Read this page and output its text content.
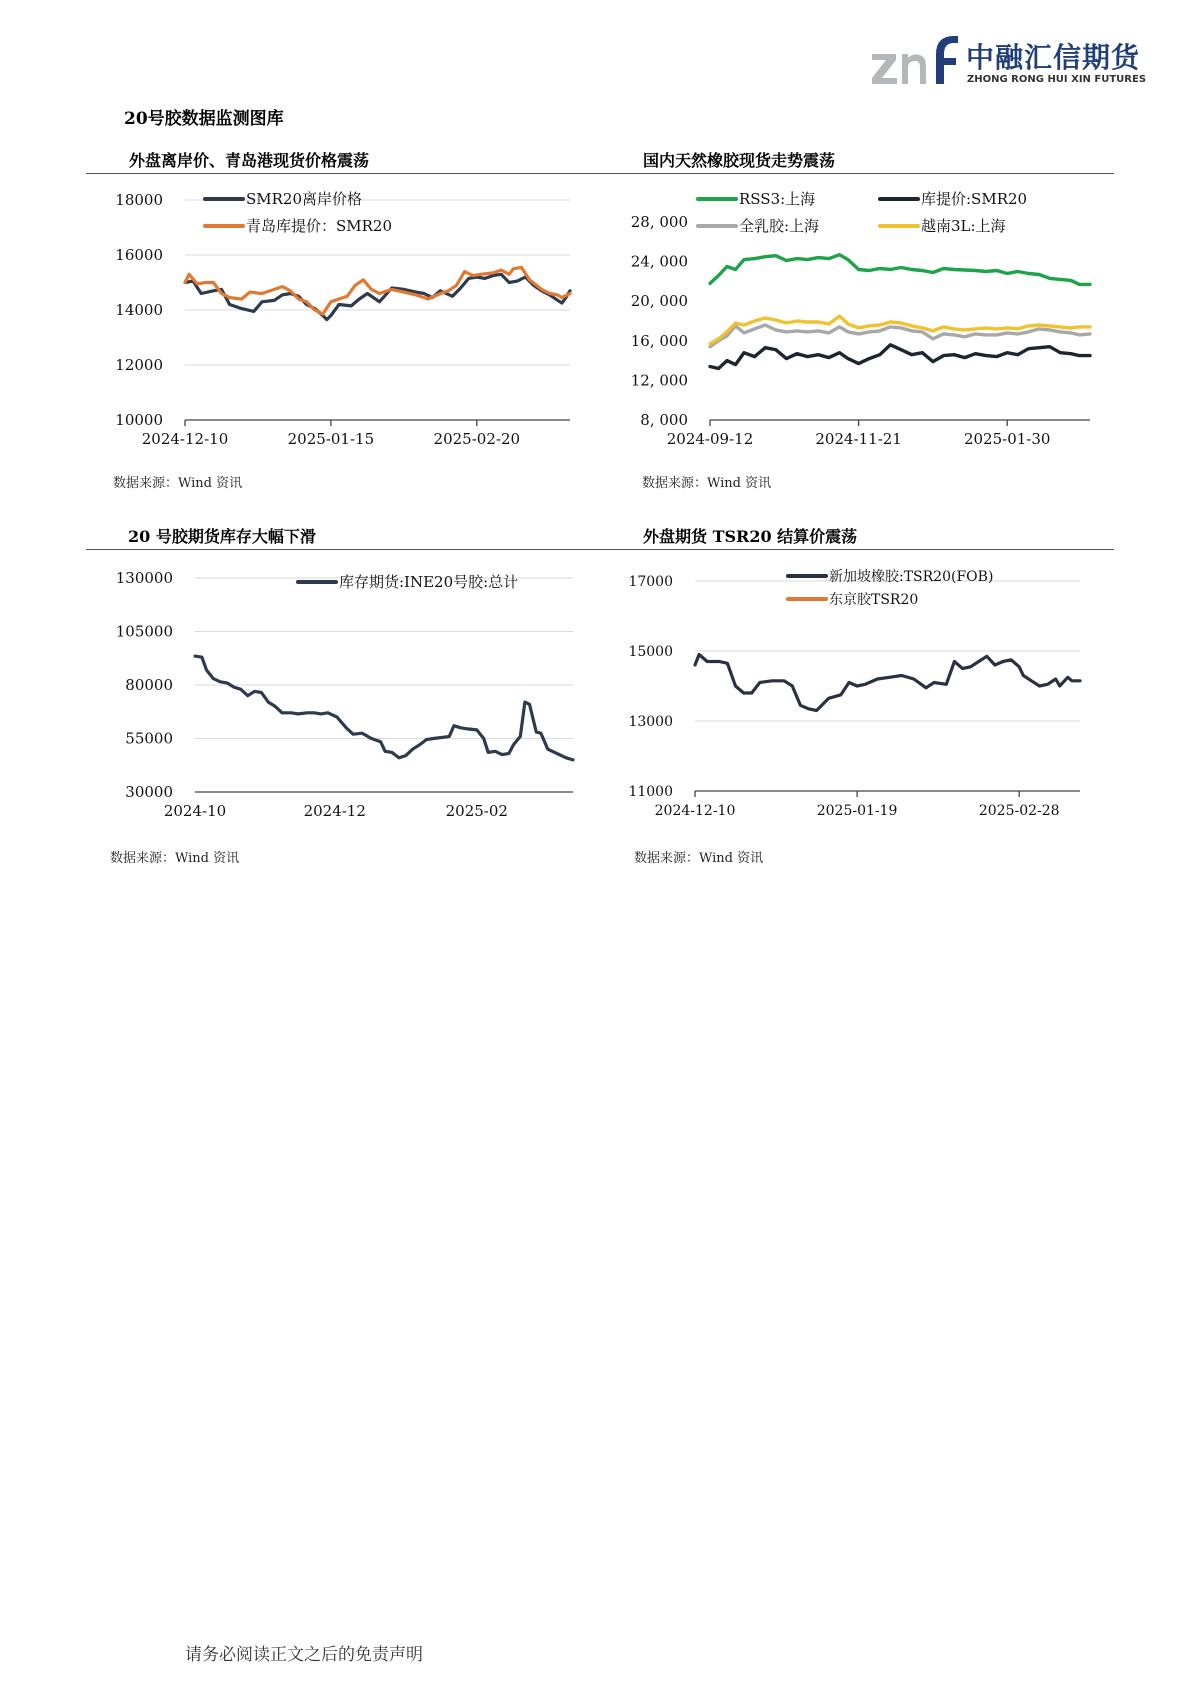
中融汇信期货
ZHONG RONG HUI XIN FUTURES
20号胶数据监测图库
外盘离岸价、青岛港现货价格震荡	国内天然橡胶现货走势震荡
20 号胶期货库存大幅下滑	外盘期货 TSR20 结算价震荡
18000
16000
14000
12000
10000
2024-12-10	2025-01-15	2025-02-20
SMR20离岸价格
青岛库提价：SMR20	28, 000
24, 000
20, 000
16, 000
12, 000
8, 000
2024-09-12	2024-11-21	2025-01-30
RSS3:上海	库提价:SMR20
全乳胶:上海	越南3L:上海
130000
105000
80000
55000
30000
2024-10	2024-12	2025-02
库存期货:INE20号胶:总计	17000
15000
13000
11000
2024-12-10	2025-01-19	2025-02-28
新加坡橡胶:TSR20(FOB)
东京胶TSR20
数据来源：Wind 资讯	数据来源：Wind 资讯
数据来源：Wind 资讯	数据来源：Wind 资讯
请务必阅读正文之后的免责声明
